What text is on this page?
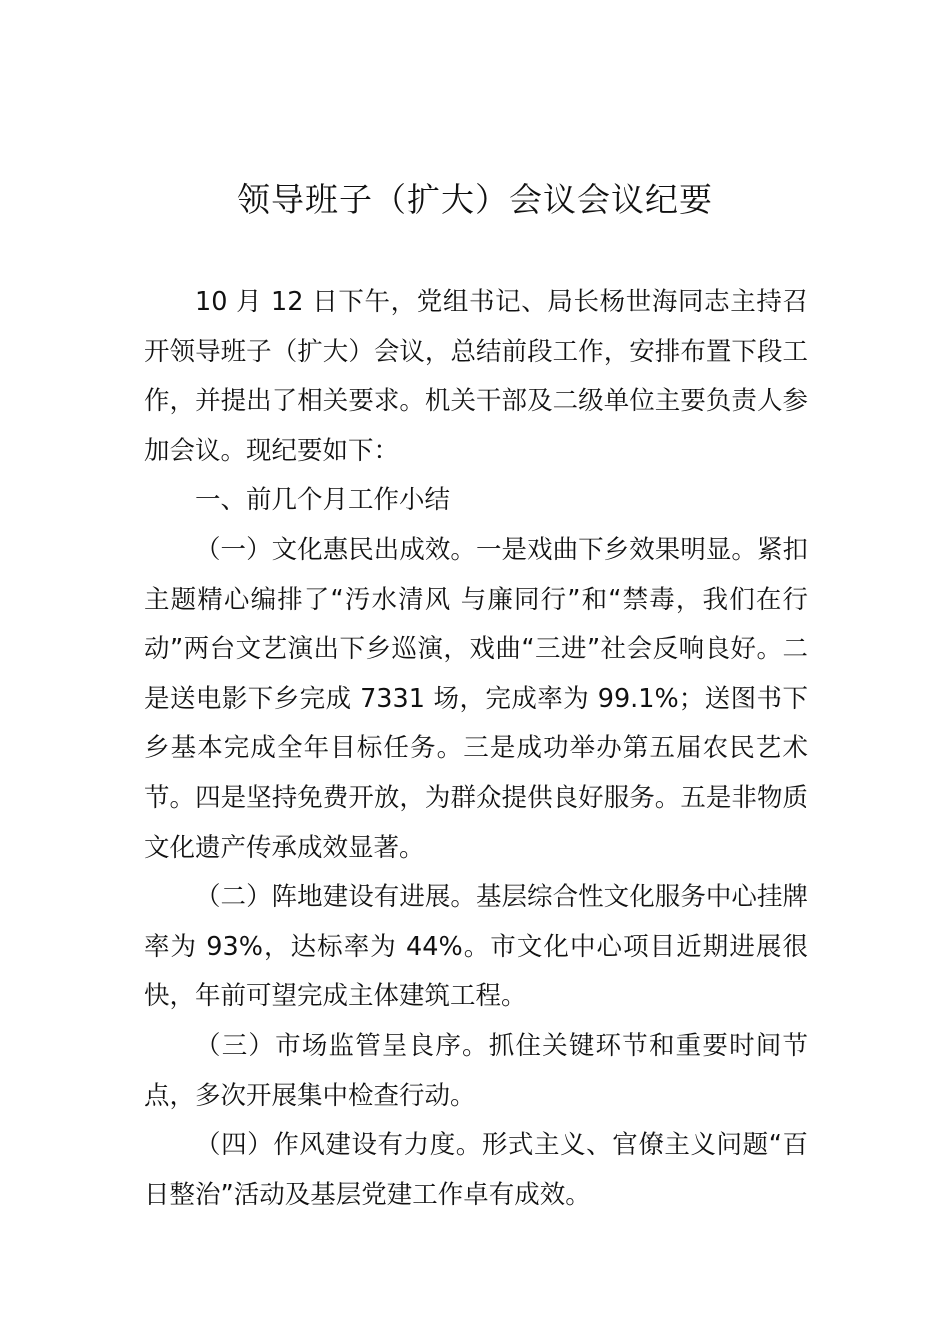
领导班子（扩大）会议会议纪要

10 月 12 日下午，党组书记、局长杨世海同志主持召开领导班子（扩大）会议，总结前段工作，安排布置下段工作，并提出了相关要求。机关干部及二级单位主要负责人参加会议。现纪要如下：

一、前几个月工作小结

（一）文化惠民出成效。一是戏曲下乡效果明显。紧扣主题精心编排了“汚水清风 与廉同行”和“禁毒，我们在行动”两台文艺演出下乡巡演，戏曲“三进”社会反响良好。二是送电影下乡完成 7331 场，完成率为 99.1%；送图书下乡基本完成全年目标任务。三是成功举办第五届农民艺术节。四是坚持免费开放，为群众提供良好服务。五是非物质文化遗产传承成效显著。

（二）阵地建设有进展。基层综合性文化服务中心挂牌率为 93%，达标率为 44%。市文化中心项目近期进展很快，年前可望完成主体建筑工程。

（三）市场监管呈良序。抓住关键环节和重要时间节点，多次开展集中检查行动。

（四）作风建设有力度。形式主义、官僚主义问题“百日整治”活动及基层党建工作卓有成效。
